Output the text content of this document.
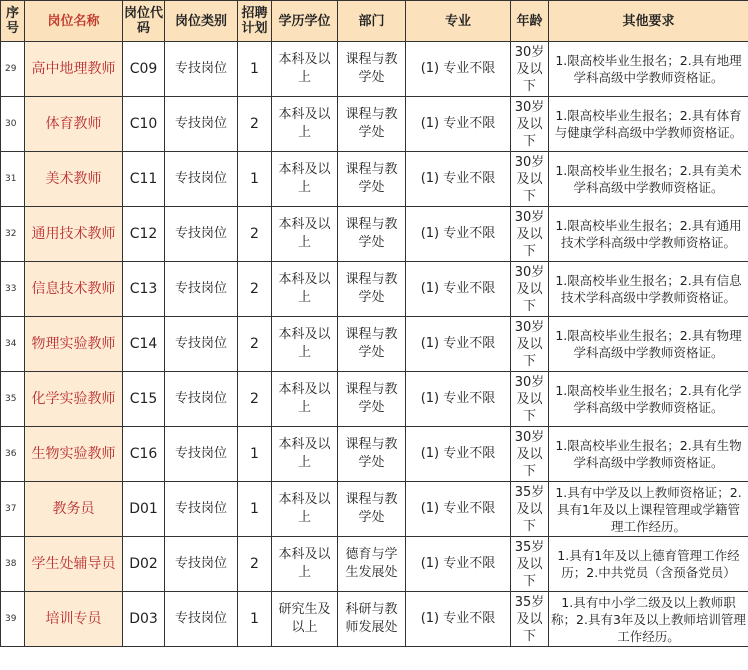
序号	岗位名称	岗位代码	岗位类别	招聘计划	学历学位	部门	专业	年龄	其他要求
29	高中地理教师	C09	专技岗位	1	本科及以上	课程与教学处	(1) 专业不限	30岁及以下	1.限高校毕业生报名；2.具有地理学科高级中学教师资格证。
30	体育教师	C10	专技岗位	2	本科及以上	课程与教学处	(1) 专业不限	30岁及以下	1.限高校毕业生报名；2.具有体育与健康学科高级中学教师资格证。
31	美术教师	C11	专技岗位	1	本科及以上	课程与教学处	(1) 专业不限	30岁及以下	1.限高校毕业生报名；2.具有美术学科高级中学教师资格证。
32	通用技术教师	C12	专技岗位	2	本科及以上	课程与教学处	(1) 专业不限	30岁及以下	1.限高校毕业生报名；2.具有通用技术学科高级中学教师资格证。
33	信息技术教师	C13	专技岗位	2	本科及以上	课程与教学处	(1) 专业不限	30岁及以下	1.限高校毕业生报名；2.具有信息技术学科高级中学教师资格证。
34	物理实验教师	C14	专技岗位	2	本科及以上	课程与教学处	(1) 专业不限	30岁及以下	1.限高校毕业生报名；2.具有物理学科高级中学教师资格证。
35	化学实验教师	C15	专技岗位	2	本科及以上	课程与教学处	(1) 专业不限	30岁及以下	1.限高校毕业生报名；2.具有化学学科高级中学教师资格证。
36	生物实验教师	C16	专技岗位	1	本科及以上	课程与教学处	(1) 专业不限	30岁及以下	1.限高校毕业生报名；2.具有生物学科高级中学教师资格证。
37	教务员	D01	专技岗位	1	本科及以上	课程与教学处	(1) 专业不限	35岁及以下	1.具有中学及以上教师资格证；2.具有1年及以上课程管理或学籍管理工作经历。
38	学生处辅导员	D02	专技岗位	2	本科及以上	德育与学生发展处	(1) 专业不限	35岁及以下	1.具有1年及以上德育管理工作经历；2.中共党员（含预备党员）
39	培训专员	D03	专技岗位	1	研究生及以上	科研与教师发展处	(1) 专业不限	35岁及以下	1.具有中小学二级及以上教师职称；2.具有3年及以上教师培训管理工作经历。
